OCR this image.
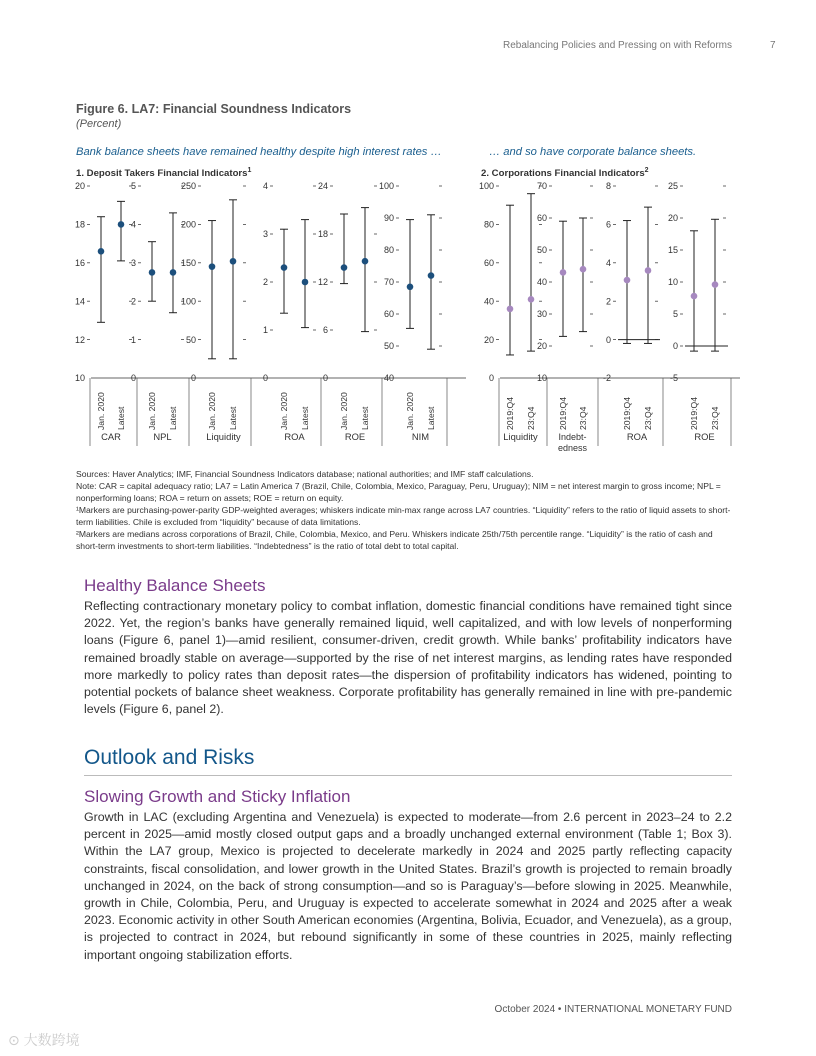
Rebalancing Policies and Pressing on with Reforms	7
Figure 6. LA7: Financial Soundness Indicators
(Percent)
Bank balance sheets have remained healthy despite high interest rates …	… and so have corporate balance sheets.
1. Deposit Takers Financial Indicators$^1$	2. Corporations Financial Indicators$^2$
20
18
16
14
12
10
Jan. 2020 Latest
CAR
5
4
3
2
1
0
Jan. 2020 Latest
NPL
250
200
150
100
50
0
Jan. 2020 Latest
Liquidity
4
3
2
1
0
Jan. 2020 Latest
ROA
24
18
12
6
0
Jan. 2020 Latest
ROE
100
90
80
70
60
50
40
Jan. 2020 Latest
NIM
100
80
60
40
20
0
2019:Q4 23:Q4
Liquidity
70
60
50
40
30
20
10
2019:Q4 23:Q4
Indebt-
edness
8
6
4
2
0
-2
2019:Q4 23:Q4
ROA
25
20
15
10
5
0
-5
2019:Q4 23:Q4
ROE

Sources: Haver Analytics; IMF, Financial Soundness Indicators database; national authorities; and IMF staff calculations.

Note: CAR = capital adequacy ratio; LA7 = Latin America 7 (Brazil, Chile, Colombia, Mexico, Paraguay, Peru, Uruguay); NIM = net interest margin to gross income; NPL = nonperforming loans; ROA = return on assets; ROE = return on equity.

¹Markers are purchasing-power-parity GDP-weighted averages; whiskers indicate min-max range across LA7 countries. “Liquidity” refers to the ratio of liquid assets to short-term liabilities. Chile is excluded from “liquidity” because of data limitations.

²Markers are medians across corporations of Brazil, Chile, Colombia, Mexico, and Peru. Whiskers indicate 25th/75th percentile range. “Liquidity” is the ratio of cash and short-term investments to short-term liabilities. “Indebtedness” is the ratio of total debt to total capital.

Healthy Balance Sheets
Reflecting contractionary monetary policy to combat inflation, domestic financial conditions have remained tight since 2022. Yet, the region’s banks have generally remained liquid, well capitalized, and with low levels of nonperforming loans (Figure 6, panel 1)—amid resilient, consumer-driven, credit growth. While banks’ profitability indicators have remained broadly stable on average—supported by the rise of net interest margins, as lending rates have responded more markedly to policy rates than deposit rates—the dispersion of profitability indicators has widened, pointing to potential pockets of balance sheet weakness. Corporate profitability has generally remained in line with pre-pandemic levels (Figure 6, panel 2).
Outlook and Risks
Slowing Growth and Sticky Inflation
Growth in LAC (excluding Argentina and Venezuela) is expected to moderate—from 2.6 percent in 2023–24 to 2.2 percent in 2025—amid mostly closed output gaps and a broadly unchanged external environment (Table 1; Box 3). Within the LA7 group, Mexico is projected to decelerate markedly in 2024 and 2025 partly reflecting capacity constraints, fiscal consolidation, and lower growth in the United States. Brazil’s growth is projected to remain broadly unchanged in 2024, on the back of strong consumption—and so is Paraguay’s—before slowing in 2025. Meanwhile, growth in Chile, Colombia, Peru, and Uruguay is expected to accelerate somewhat in 2024 and 2025 after a weak 2023. Economic activity in other South American economies (Argentina, Bolivia, Ecuador, and Venezuela), as a group, is projected to contract in 2024, but rebound significantly in some of these countries in 2025, mainly reflecting important ongoing stabilization efforts.
October 2024 • INTERNATIONAL MONETARY FUND
⊙ 大数跨境
